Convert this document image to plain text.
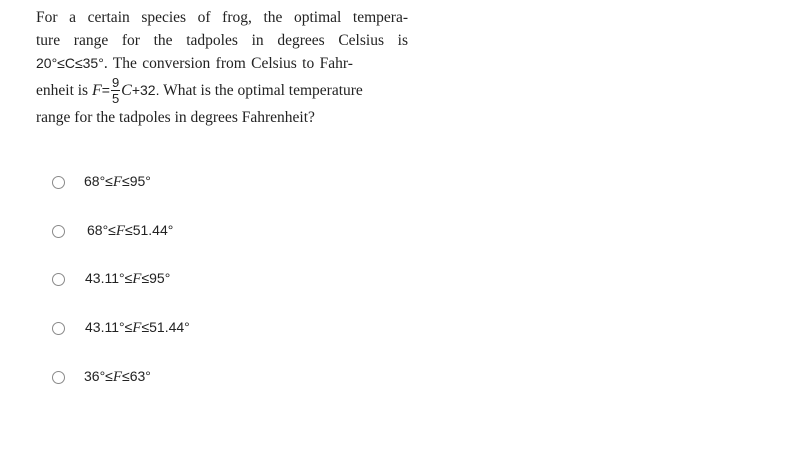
For a certain species of frog, the optimal tempera-
ture range for the tadpoles in degrees Celsius is
20°≤C≤35°. The conversion from Celsius to Fahr-
enheit is $F= \frac{9}{5} C+32$. What is the optimal temperature
range for the tadpoles in degrees Fahrenheit?
68°≤F≤95°
68°≤F≤51.44°
43.11°≤F≤95°
43.11°≤F≤51.44°
36°≤F≤63°
